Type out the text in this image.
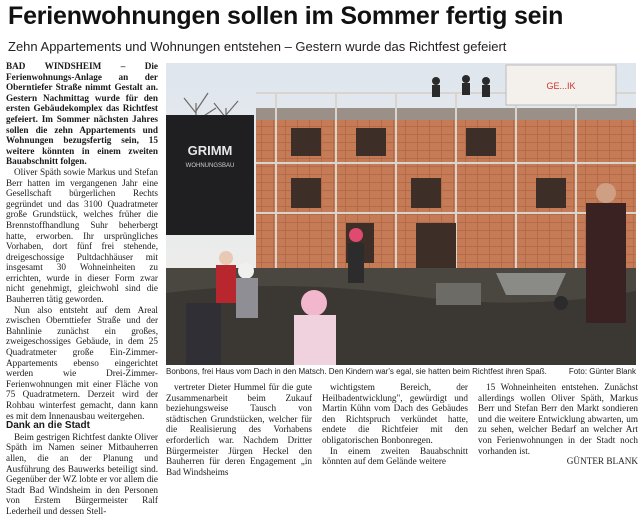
Ferienwohnungen sollen im Sommer fertig sein
Zehn Appartements und Wohnungen entstehen – Gestern wurde das Richtfest gefeiert

BAD WINDSHEIM – Die Ferienwohnungs-Anlage an der Oberntiefer Straße nimmt Gestalt an. Gestern Nachmittag wurde für den ersten Gebäudekomplex das Richtfest gefeiert. Im Sommer nächsten Jahres sollen die zehn Appartements und Wohnungen bezugsfertig sein, 15 weitere könnten in einem zweiten Bauabschnitt folgen.

Oliver Späth sowie Markus und Stefan Berr hatten im vergangenen Jahr eine Gesellschaft bürgerlichen Rechts gegründet und das 3100 Quadratmeter große Grundstück, welches früher die Brennstoffhandlung Suhr beherbergt hatte, erworben. Ihr ursprüngliches Vorhaben, dort fünf frei stehende, dreigeschossige Pultdachhäuser mit insgesamt 30 Wohneinheiten zu errichten, wurde in dieser Form zwar nicht genehmigt, gleichwohl sind die Bauherren tätig geworden.

Nun also entsteht auf dem Areal zwischen Obernttiefer Straße und der Bahnlinie zunächst ein großes, zweigeschossiges Gebäude, in dem 25 Quadratmeter große Ein-Zimmer-Appartements ebenso eingerichtet werden wie Drei-Zimmer-Ferienwohnungen mit einer Fläche von 75 Quadratmetern. Derzeit wird der Rohbau winterfest gemacht, dann kann es mit dem Innenausbau weitergehen.

Dank an die Stadt

Beim gestrigen Richtfest dankte Oliver Späth im Namen seiner Mitbauherren allen, die an der Planung und Ausführung des Bauwerks beteiligt sind. Gegenüber der WZ lobte er vor allem die Stadt Bad Windsheim in den Personen von Erstem Bürgermeister Ralf Lederheil und dessen Stell-

GE...IK
GRIMM
WOHNUNGSBAU
Bonbons, frei Haus vom Dach in den Matsch. Den Kindern war's egal, sie hatten beim Richtfest ihren Spaß.	Foto: Günter Blank

vertreter Dieter Hummel für die gute Zusammenarbeit beim Zukauf beziehungsweise Tausch von städtischen Grundstücken, welcher für die Realisierung des Vorhabens erforderlich war. Nachdem Dritter Bürgermeister Jürgen Heckel den Bauherren für deren Engagement „in Bad Windsheims

wichtigstem Bereich, der Heilbadentwicklung", gewürdigt und Martin Kühn vom Dach des Gebäudes den Richtspruch verkündet hatte, endete die Richtfeier mit den obligatorischen Bonbonregen.

In einem zweiten Bauabschnitt könnten auf dem Gelände weitere

15 Wohneinheiten entstehen. Zunächst allerdings wollen Oliver Späth, Markus Berr und Stefan Berr den Markt sondieren und die weitere Entwicklung abwarten, um zu sehen, welcher Bedarf an welcher Art von Ferienwohnungen in der Stadt noch vorhanden ist.

GÜNTER BLANK
